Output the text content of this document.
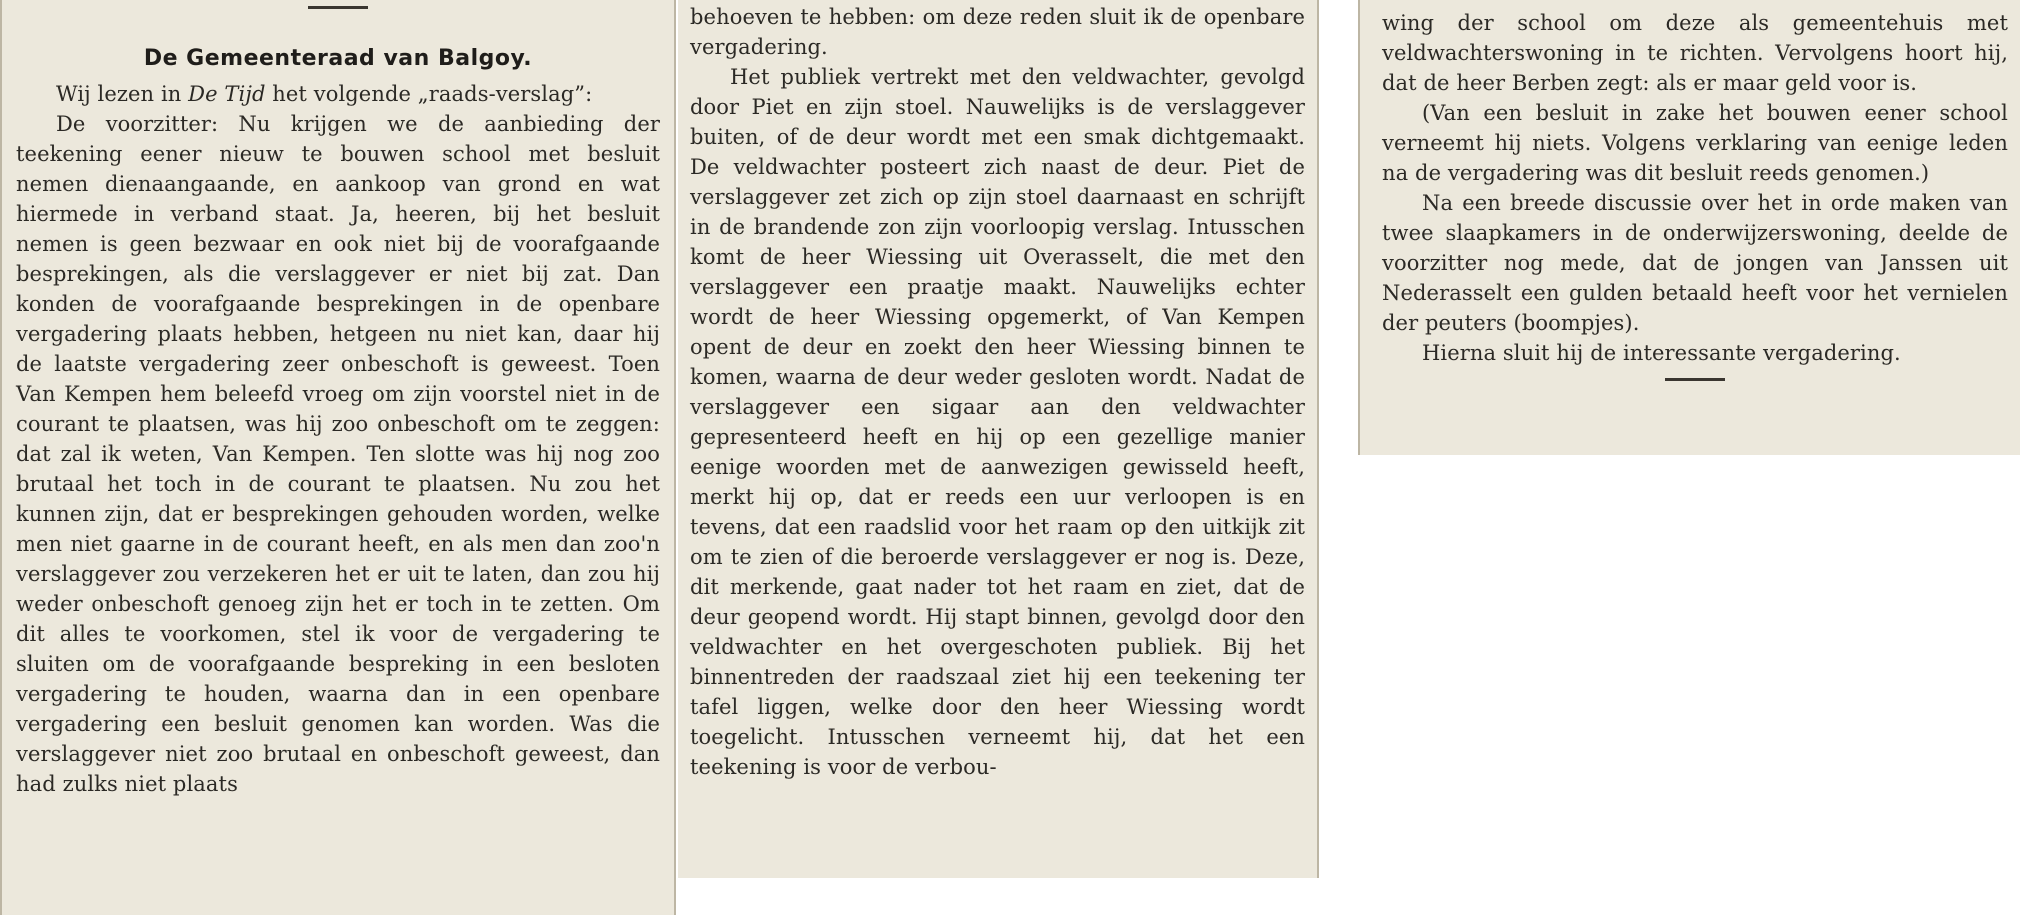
De Gemeenteraad van Balgoy.

Wij lezen in De Tijd het volgende „raads-verslag”:

De voorzitter: Nu krijgen we de aanbieding der teekening eener nieuw te bouwen school met besluit nemen dienaangaande, en aankoop van grond en wat hiermede in verband staat. Ja, heeren, bij het besluit nemen is geen bezwaar en ook niet bij de voorafgaande besprekingen, als die verslaggever er niet bij zat. Dan konden de voorafgaande besprekingen in de openbare vergadering plaats hebben, hetgeen nu niet kan, daar hij de laatste vergadering zeer onbeschoft is geweest. Toen Van Kempen hem beleefd vroeg om zijn voorstel niet in de courant te plaatsen, was hij zoo onbeschoft om te zeggen: dat zal ik weten, Van Kempen. Ten slotte was hij nog zoo brutaal het toch in de courant te plaatsen. Nu zou het kunnen zijn, dat er besprekingen gehouden worden, welke men niet gaarne in de courant heeft, en als men dan zoo'n verslaggever zou verzekeren het er uit te laten, dan zou hij weder onbeschoft genoeg zijn het er toch in te zetten. Om dit alles te voorkomen, stel ik voor de vergadering te sluiten om de voorafgaande bespreking in een besloten vergadering te houden, waarna dan in een openbare vergadering een besluit genomen kan worden. Was die verslaggever niet zoo brutaal en onbeschoft geweest, dan had zulks niet plaats

behoeven te hebben: om deze reden sluit ik de openbare vergadering.

Het publiek vertrekt met den veldwachter, gevolgd door Piet en zijn stoel. Nauwelijks is de verslaggever buiten, of de deur wordt met een smak dichtgemaakt. De veldwachter posteert zich naast de deur. Piet de verslaggever zet zich op zijn stoel daarnaast en schrijft in de brandende zon zijn voorloopig verslag. Intusschen komt de heer Wiessing uit Overasselt, die met den verslaggever een praatje maakt. Nauwelijks echter wordt de heer Wiessing opgemerkt, of Van Kempen opent de deur en zoekt den heer Wiessing binnen te komen, waarna de deur weder gesloten wordt. Nadat de verslaggever een sigaar aan den veldwachter gepresenteerd heeft en hij op een gezellige manier eenige woorden met de aanwezigen gewisseld heeft, merkt hij op, dat er reeds een uur verloopen is en tevens, dat een raadslid voor het raam op den uitkijk zit om te zien of die beroerde verslaggever er nog is. Deze, dit merkende, gaat nader tot het raam en ziet, dat de deur geopend wordt. Hij stapt binnen, gevolgd door den veldwachter en het overgeschoten publiek. Bij het binnentreden der raadszaal ziet hij een teekening ter tafel liggen, welke door den heer Wiessing wordt toegelicht. Intusschen verneemt hij, dat het een teekening is voor de verbou-

wing der school om deze als gemeentehuis met veldwachterswoning in te richten. Vervolgens hoort hij, dat de heer Berben zegt: als er maar geld voor is.

(Van een besluit in zake het bouwen eener school verneemt hij niets. Volgens verklaring van eenige leden na de vergadering was dit besluit reeds genomen.)

Na een breede discussie over het in orde maken van twee slaapkamers in de onderwijzerswoning, deelde de voorzitter nog mede, dat de jongen van Janssen uit Nederasselt een gulden betaald heeft voor het vernielen der peuters (boompjes).

Hierna sluit hij de interessante vergadering.
